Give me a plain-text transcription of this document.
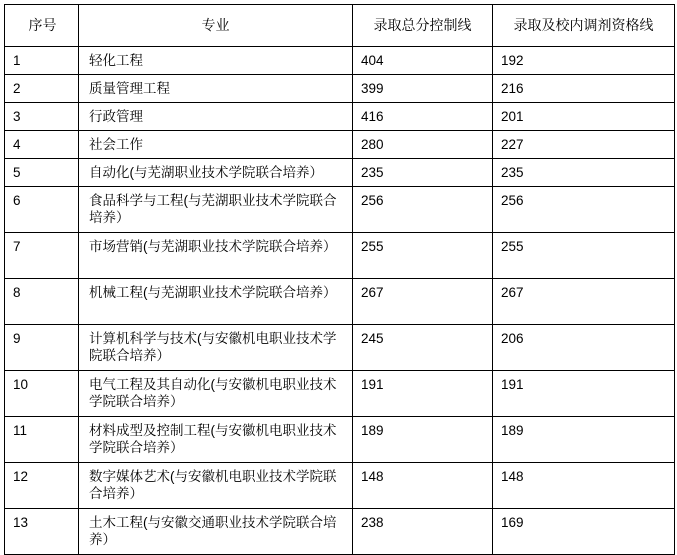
序号	专业	录取总分控制线	录取及校内调剂资格线
1	轻化工程	404	192
2	质量管理工程	399	216
3	行政管理	416	201
4	社会工作	280	227
5	自动化(与芜湖职业技术学院联合培养）	235	235
6	食品科学与工程(与芜湖职业技术学院联合培养）	256	256
7	市场营销(与芜湖职业技术学院联合培养）	255	255
8	机械工程(与芜湖职业技术学院联合培养）	267	267
9	计算机科学与技术(与安徽机电职业技术学院联合培养）	245	206
10	电气工程及其自动化(与安徽机电职业技术学院联合培养）	191	191
11	材料成型及控制工程(与安徽机电职业技术学院联合培养）	189	189
12	数字媒体艺术(与安徽机电职业技术学院联合培养）	148	148
13	土木工程(与安徽交通职业技术学院联合培养）	238	169
